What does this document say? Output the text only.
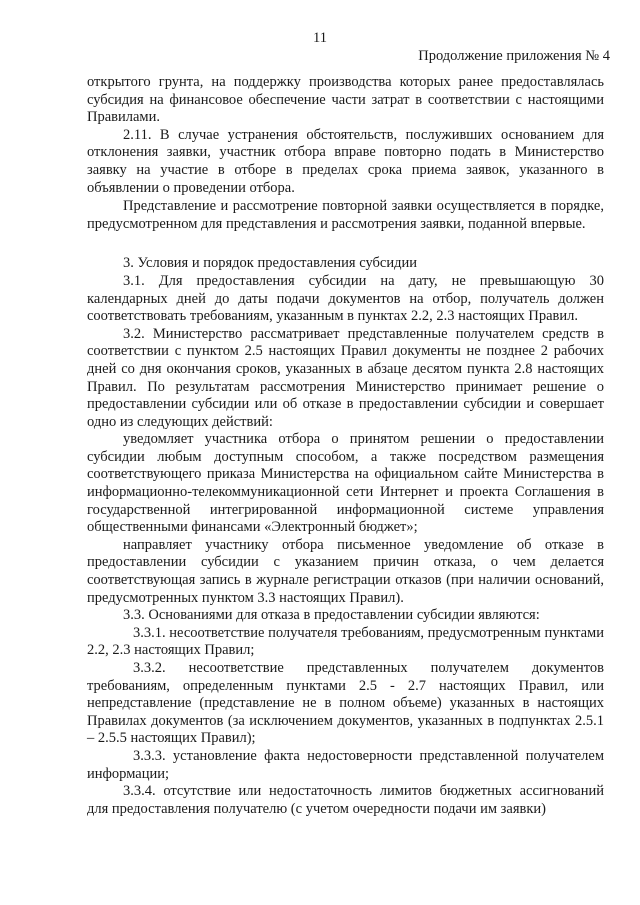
11
Продолжение приложения № 4

открытого грунта, на поддержку производства которых ранее предоставлялась субсидия на финансовое обеспечение части затрат в соответствии с настоящими Правилами.

2.11. В случае устранения обстоятельств, послуживших основанием для отклонения заявки, участник отбора вправе повторно подать в Министерство заявку на участие в отборе в пределах срока приема заявок, указанного в объявлении о проведении отбора.

Представление и рассмотрение повторной заявки осуществляется в порядке, предусмотренном для представления и рассмотрения заявки, поданной впервые.

3. Условия и порядок предоставления субсидии

3.1. Для предоставления субсидии на дату, не превышающую 30 календарных дней до даты подачи документов на отбор, получатель должен соответствовать требованиям, указанным в пунктах 2.2, 2.3 настоящих Правил.

3.2. Министерство рассматривает представленные получателем средств в соответствии с пунктом 2.5 настоящих Правил документы не позднее 2 рабочих дней со дня окончания сроков, указанных в абзаце десятом пункта 2.8 настоящих Правил. По результатам рассмотрения Министерство принимает решение о предоставлении субсидии или об отказе в предоставлении субсидии и совершает одно из следующих действий:

уведомляет участника отбора о принятом решении о предоставлении субсидии любым доступным способом, а также посредством размещения соответствующего приказа Министерства на официальном сайте Министерства в информационно-телекоммуникационной сети Интернет и проекта Соглашения в государственной интегрированной информационной системе управления общественными финансами «Электронный бюджет»;

направляет участнику отбора письменное уведомление об отказе в предоставлении субсидии с указанием причин отказа, о чем делается соответствующая запись в журнале регистрации отказов (при наличии оснований, предусмотренных пунктом 3.3 настоящих Правил).

3.3. Основаниями для отказа в предоставлении субсидии являются:

3.3.1. несоответствие получателя требованиям, предусмотренным пунктами 2.2, 2.3 настоящих Правил;

3.3.2. несоответствие представленных получателем документов требованиям, определенным пунктами 2.5 - 2.7 настоящих Правил, или непредставление (представление не в полном объеме) указанных в настоящих Правилах документов (за исключением документов, указанных в подпунктах 2.5.1 – 2.5.5 настоящих Правил);

3.3.3. установление факта недостоверности представленной получателем информации;

3.3.4. отсутствие или недостаточность лимитов бюджетных ассигнований для предоставления получателю (с учетом очередности подачи им заявки)
